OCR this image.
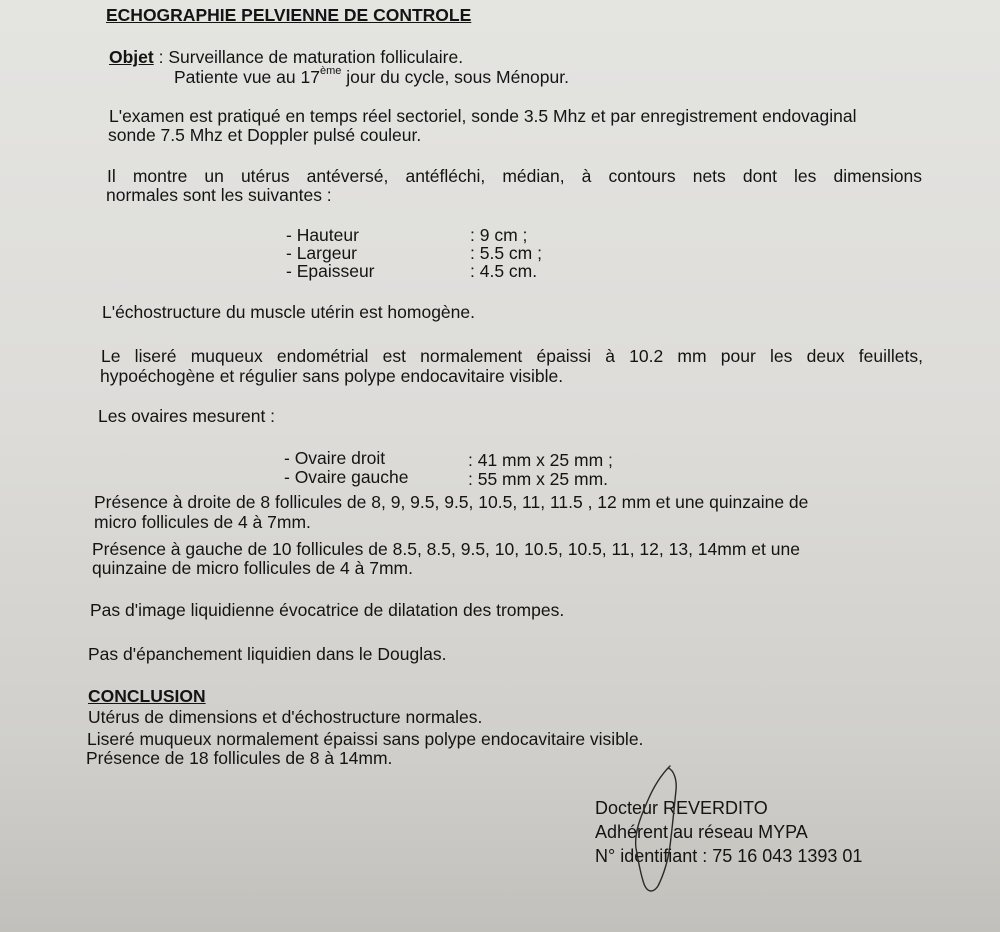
ECHOGRAPHIE PELVIENNE DE CONTROLE
Objet : Surveillance de maturation folliculaire.
Patiente vue au 17ème jour du cycle, sous Ménopur.
L'examen est pratiqué en temps réel sectoriel, sonde 3.5 Mhz et par enregistrement endovaginal
sonde 7.5 Mhz et Doppler pulsé couleur.
Il montre un utérus antéversé, antéfléchi, médian, à contours nets dont les dimensions
normales sont les suivantes :
- Hauteur	: 9 cm ;
- Largeur	: 5.5 cm ;
- Epaisseur	: 4.5 cm.
L'échostructure du muscle utérin est homogène.
Le liseré muqueux endométrial est normalement épaissi à 10.2 mm pour les deux feuillets,
hypoéchogène et régulier sans polype endocavitaire visible.
Les ovaires mesurent :
- Ovaire droit	: 41 mm x 25 mm ;
- Ovaire gauche	: 55 mm x 25 mm.
Présence à droite de 8 follicules de 8, 9, 9.5, 9.5, 10.5, 11, 11.5 , 12 mm et une quinzaine de
micro follicules de 4 à 7mm.
Présence à gauche de 10 follicules de 8.5, 8.5, 9.5, 10, 10.5, 10.5, 11, 12, 13, 14mm et une
quinzaine de micro follicules de 4 à 7mm.
Pas d'image liquidienne évocatrice de dilatation des trompes.
Pas d'épanchement liquidien dans le Douglas.
CONCLUSION
Utérus de dimensions et d'échostructure normales.
Liseré muqueux normalement épaissi sans polype endocavitaire visible.
Présence de 18 follicules de 8 à 14mm.
Docteur REVERDITO
Adhérent au réseau MYPA
N° identifiant : 75 16 043 1393 01
